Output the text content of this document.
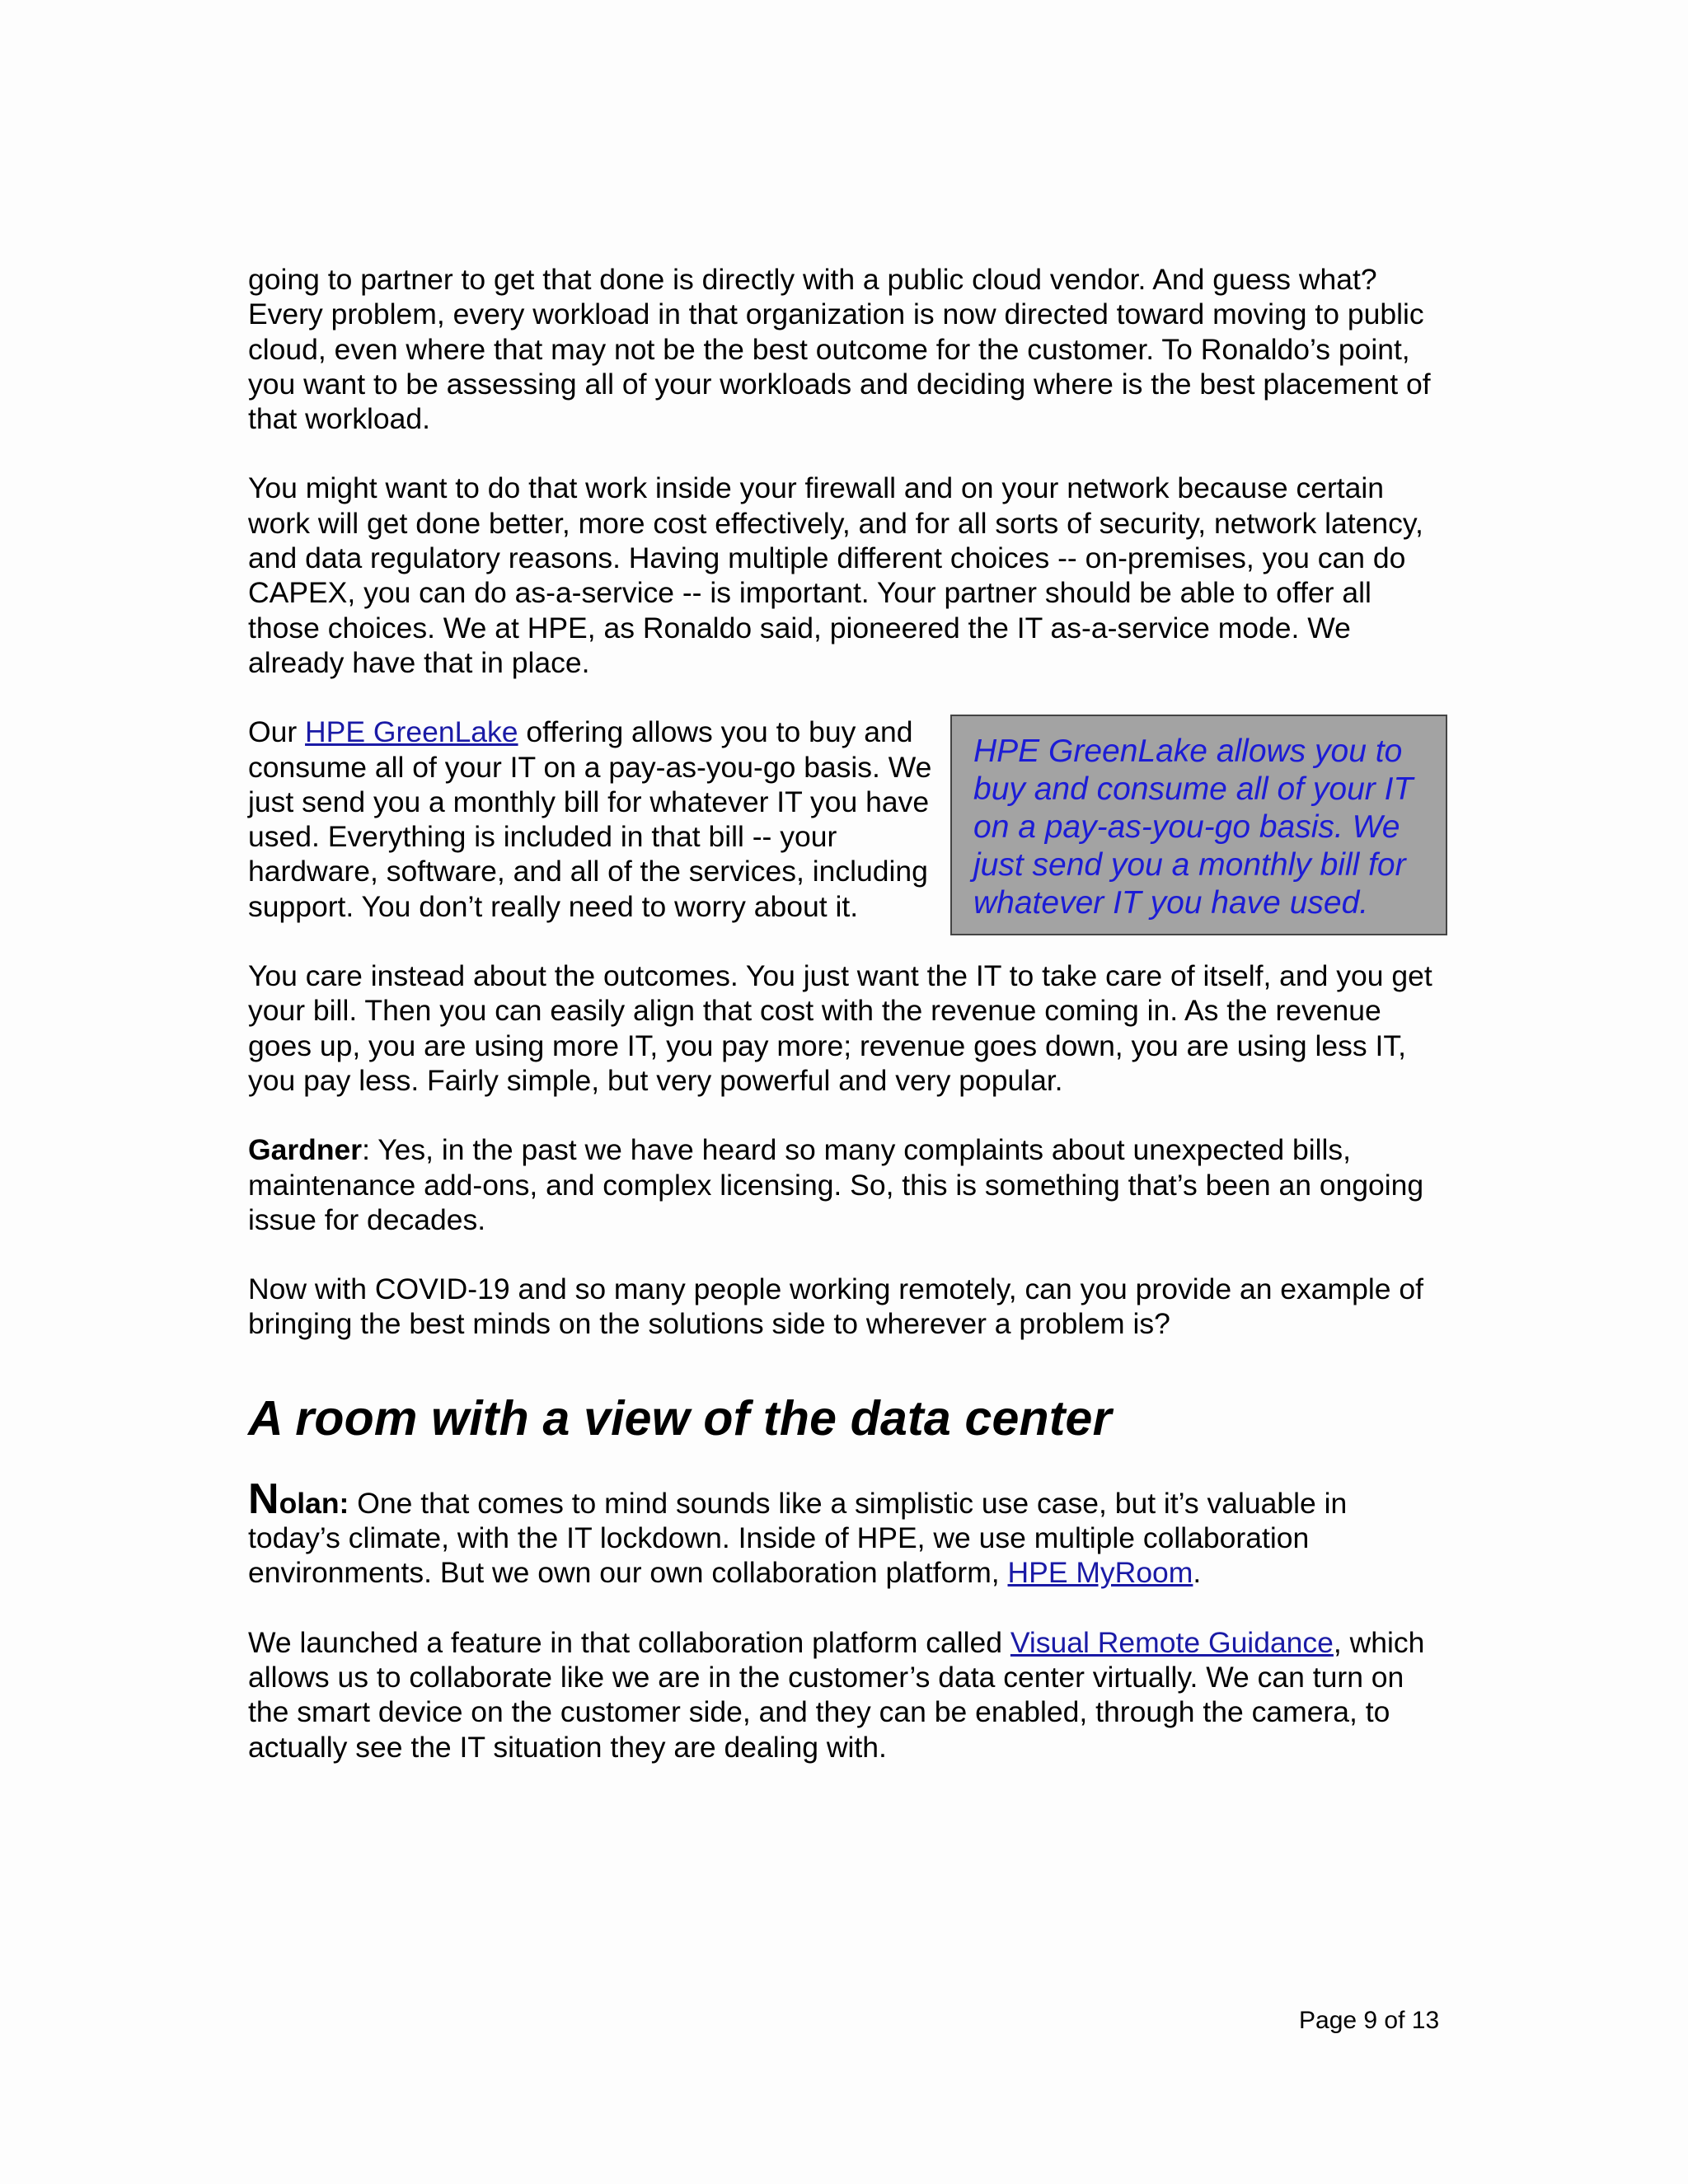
going to partner to get that done is directly with a public cloud vendor. And guess what? Every problem, every workload in that organization is now directed toward moving to public cloud, even where that may not be the best outcome for the customer. To Ronaldo’s point, you want to be assessing all of your workloads and deciding where is the best placement of that workload.

You might want to do that work inside your firewall and on your network because certain work will get done better, more cost effectively, and for all sorts of security, network latency, and data regulatory reasons. Having multiple different choices -- on-premises, you can do CAPEX, you can do as-a-service -- is important. Your partner should be able to offer all those choices. We at HPE, as Ronaldo said, pioneered the IT as-a-service mode. We already have that in place.

Our HPE GreenLake offering allows you to buy and consume all of your IT on a pay-as-you-go basis. We just send you a monthly bill for whatever IT you have used. Everything is included in that bill -- your hardware, software, and all of the services, including support. You don’t really need to worry about it.

HPE GreenLake allows you to buy and consume all of your IT on a pay-as-you-go basis. We just send you a monthly bill for whatever IT you have used.

You care instead about the outcomes. You just want the IT to take care of itself, and you get your bill. Then you can easily align that cost with the revenue coming in. As the revenue goes up, you are using more IT, you pay more; revenue goes down, you are using less IT, you pay less. Fairly simple, but very powerful and very popular.

Gardner: Yes, in the past we have heard so many complaints about unexpected bills, maintenance add-ons, and complex licensing. So, this is something that’s been an ongoing issue for decades.

Now with COVID-19 and so many people working remotely, can you provide an example of bringing the best minds on the solutions side to wherever a problem is?

A room with a view of the data center

Nolan: One that comes to mind sounds like a simplistic use case, but it’s valuable in today’s climate, with the IT lockdown. Inside of HPE, we use multiple collaboration environments. But we own our own collaboration platform, HPE MyRoom.

We launched a feature in that collaboration platform called Visual Remote Guidance, which allows us to collaborate like we are in the customer’s data center virtually. We can turn on the smart device on the customer side, and they can be enabled, through the camera, to actually see the IT situation they are dealing with.

Page 9 of 13
